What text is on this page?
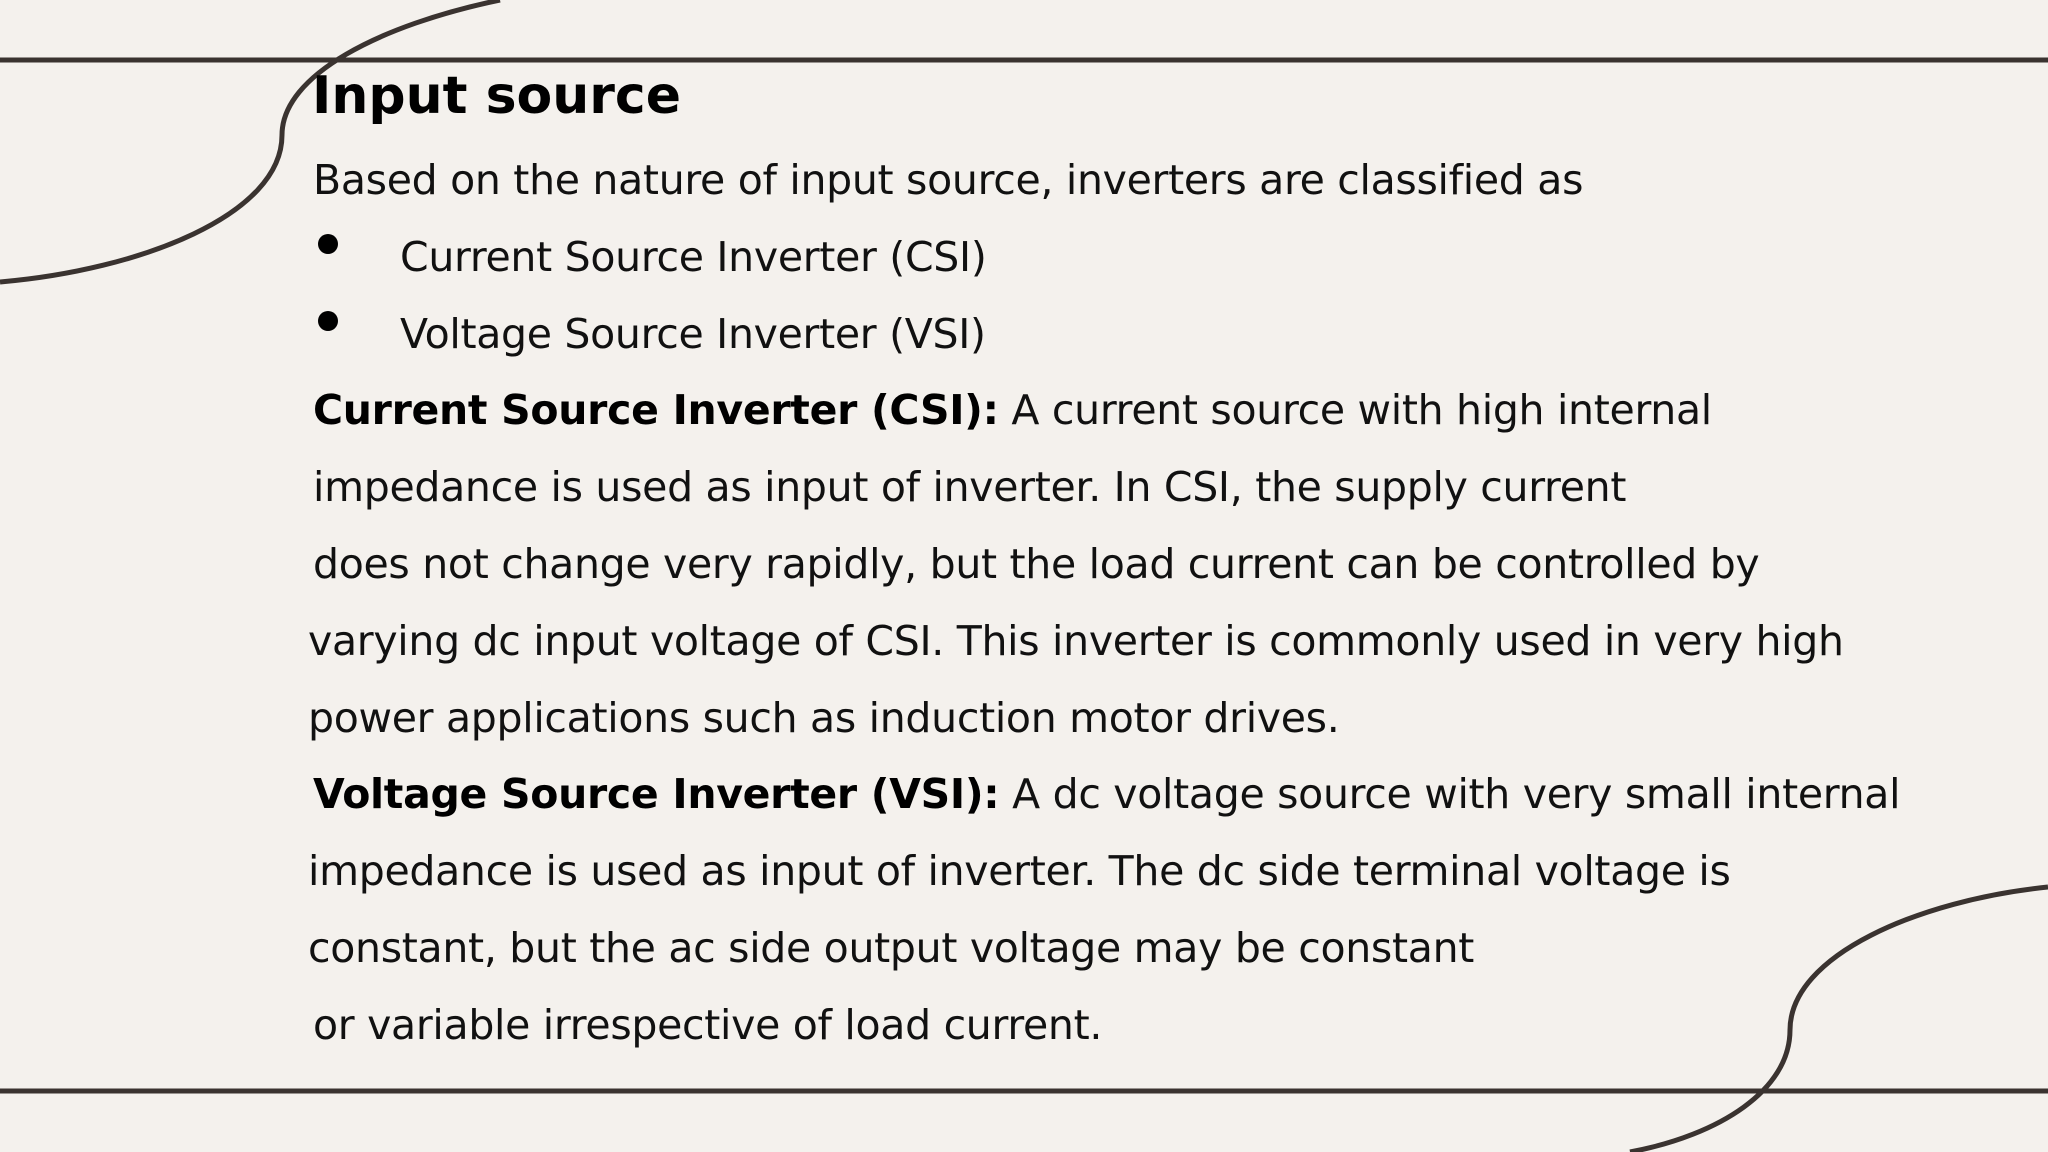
Input source
Based on the nature of input source, inverters are classified as
Current Source Inverter (CSI)
Voltage Source Inverter (VSI)
Current Source Inverter (CSI): A current source with high internal
impedance is used as input of inverter. In CSI, the supply current
does not change very rapidly, but the load current can be controlled by
varying dc input voltage of CSI. This inverter is commonly used in very high
power applications such as induction motor drives.
Voltage Source Inverter (VSI): A dc voltage source with very small internal
impedance is used as input of inverter. The dc side terminal voltage is
constant, but the ac side output voltage may be constant
or variable irrespective of load current.
